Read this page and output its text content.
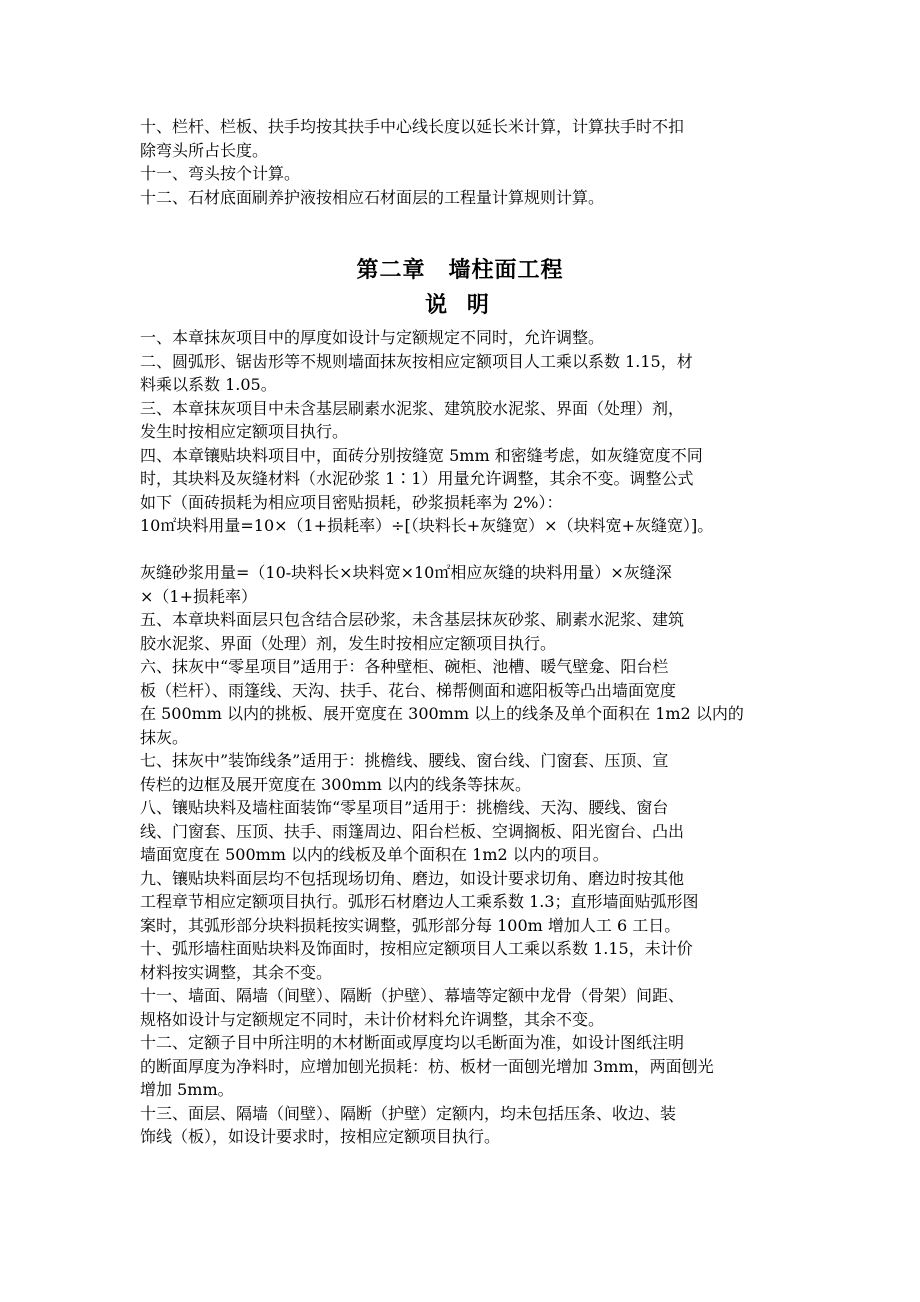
十、栏杆、栏板、扶手均按其扶手中心线长度以延长米计算，计算扶手时不扣
除弯头所占长度。
十一、弯头按个计算。
十二、石材底面刷养护液按相应石材面层的工程量计算规则计算。
第二章　墙柱面工程
说 明
一、本章抹灰项目中的厚度如设计与定额规定不同时，允许调整。
二、圆弧形、锯齿形等不规则墙面抹灰按相应定额项目人工乘以系数 1.15，材
料乘以系数 1.05。
三、本章抹灰项目中未含基层刷素水泥浆、建筑胶水泥浆、界面（处理）剂，
发生时按相应定额项目执行。
四、本章镶贴块料项目中，面砖分别按缝宽 5mm 和密缝考虑，如灰缝宽度不同
时，其块料及灰缝材料（水泥砂浆 1∶1）用量允许调整，其余不变。调整公式
如下（面砖损耗为相应项目密贴损耗，砂浆损耗率为 2%）：
10㎡块料用量=10×（1+损耗率）÷[（块料长+灰缝宽）×（块料宽+灰缝宽）]。
灰缝砂浆用量=（10-块料长×块料宽×10㎡相应灰缝的块料用量）×灰缝深
×（1+损耗率）
五、本章块料面层只包含结合层砂浆，未含基层抹灰砂浆、刷素水泥浆、建筑
胶水泥浆、界面（处理）剂，发生时按相应定额项目执行。
六、抹灰中“零星项目”适用于：各种壁柜、碗柜、池槽、暖气壁龛、阳台栏
板（栏杆）、雨篷线、天沟、扶手、花台、梯帮侧面和遮阳板等凸出墙面宽度
在 500mm 以内的挑板、展开宽度在 300mm 以上的线条及单个面积在 1m2 以内的
抹灰。
七、抹灰中”装饰线条”适用于：挑檐线、腰线、窗台线、门窗套、压顶、宣
传栏的边框及展开宽度在 300mm 以内的线条等抹灰。
八、镶贴块料及墙柱面装饰“零星项目”适用于：挑檐线、天沟、腰线、窗台
线、门窗套、压顶、扶手、雨篷周边、阳台栏板、空调搁板、阳光窗台、凸出
墙面宽度在 500mm 以内的线板及单个面积在 1m2 以内的项目。
九、镶贴块料面层均不包括现场切角、磨边，如设计要求切角、磨边时按其他
工程章节相应定额项目执行。弧形石材磨边人工乘系数 1.3；直形墙面贴弧形图
案时，其弧形部分块料损耗按实调整，弧形部分每 100m 增加人工 6 工日。
十、弧形墙柱面贴块料及饰面时，按相应定额项目人工乘以系数 1.15，未计价
材料按实调整，其余不变。
十一、墙面、隔墙（间壁）、隔断（护壁）、幕墙等定额中龙骨（骨架）间距、
规格如设计与定额规定不同时，未计价材料允许调整，其余不变。
十二、定额子目中所注明的木材断面或厚度均以毛断面为准，如设计图纸注明
的断面厚度为净料时，应增加刨光损耗：枋、板材一面刨光增加 3mm，两面刨光
增加 5mm。
十三、面层、隔墙（间壁）、隔断（护壁）定额内，均未包括压条、收边、装
饰线（板），如设计要求时，按相应定额项目执行。
